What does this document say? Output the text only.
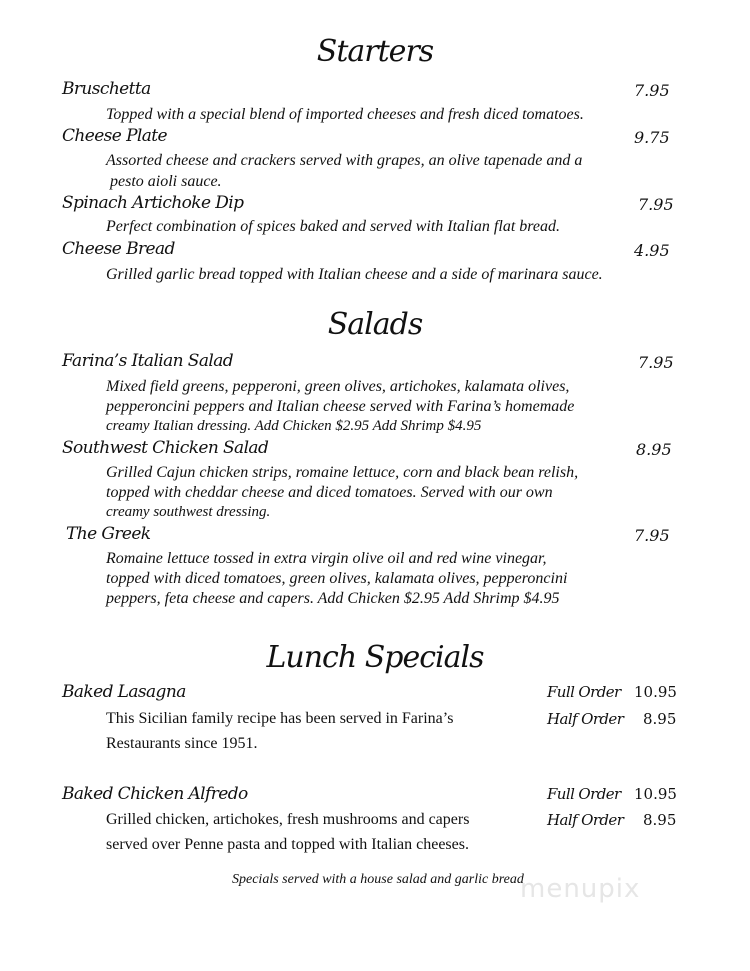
Starters
Bruschetta	7.95
Topped with a special blend of imported cheeses and fresh diced tomatoes.
Cheese Plate	9.75
Assorted cheese and crackers served with grapes, an olive tapenade and a
pesto aioli sauce.
Spinach Artichoke Dip	7.95
Perfect combination of spices baked and served with Italian flat bread.
Cheese Bread	4.95
Grilled garlic bread topped with Italian cheese and a side of marinara sauce.
Salads
Farina’s Italian Salad	7.95
Mixed field greens, pepperoni, green olives, artichokes, kalamata olives,
pepperoncini peppers and Italian cheese served with Farina’s homemade
creamy Italian dressing. Add Chicken $2.95 Add Shrimp $4.95
Southwest Chicken Salad	8.95
Grilled Cajun chicken strips, romaine lettuce, corn and black bean relish,
topped with cheddar cheese and diced tomatoes. Served with our own
creamy southwest dressing.
The Greek	7.95
Romaine lettuce tossed in extra virgin olive oil and red wine vinegar,
topped with diced tomatoes, green olives, kalamata olives, pepperoncini
peppers, feta cheese and capers. Add Chicken $2.95 Add Shrimp $4.95
Lunch Specials
Baked Lasagna	Full Order 10.95
This Sicilian family recipe has been served in Farina’s	Half Order 8.95
Restaurants since 1951.
Baked Chicken Alfredo	Full Order 10.95
Grilled chicken, artichokes, fresh mushrooms and capers	Half Order 8.95
served over Penne pasta and topped with Italian cheeses.
Specials served with a house salad and garlic bread
menupix
